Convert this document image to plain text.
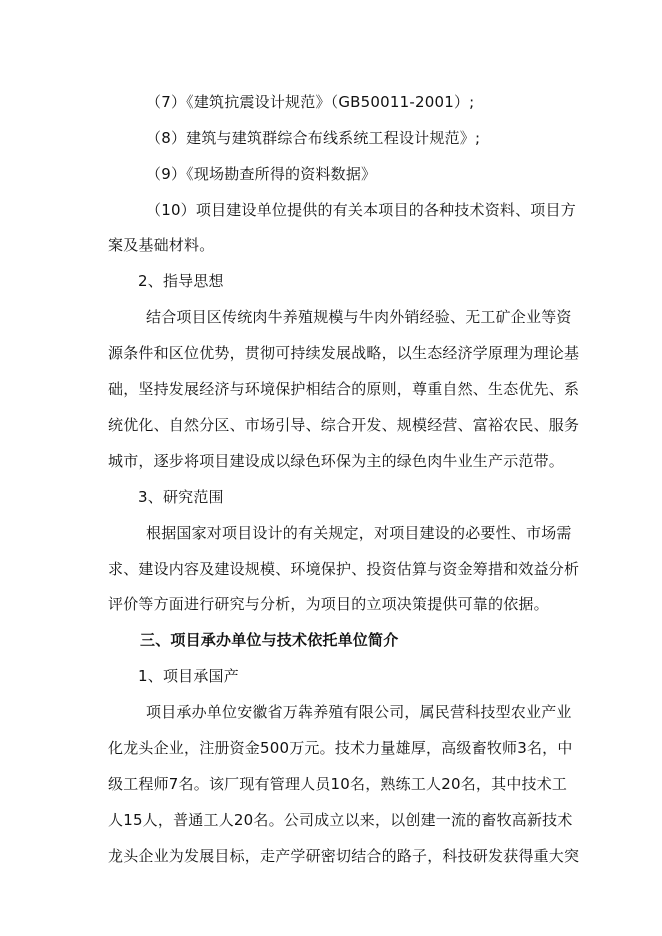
（7）《建筑抗震设计规范》（GB50011-2001）;
（8）建筑与建筑群综合布线系统工程设计规范》;
（9）《现场勘查所得的资料数据》
（10）项目建设单位提供的有关本项目的各种技术资料、项目方
案及基础材料。
2、指导思想
结合项目区传统肉牛养殖规模与牛肉外销经验、无工矿企业等资
源条件和区位优势，贯彻可持续发展战略，以生态经济学原理为理论基
础，坚持发展经济与环境保护相结合的原则，尊重自然、生态优先、系
统优化、自然分区、市场引导、综合开发、规模经营、富裕农民、服务
城市，逐步将项目建设成以绿色环保为主的绿色肉牛业生产示范带。
3、研究范围
根据国家对项目设计的有关规定，对项目建设的必要性、市场需
求、建设内容及建设规模、环境保护、投资估算与资金筹措和效益分析
评价等方面进行研究与分析，为项目的立项决策提供可靠的依据。
三、项目承办单位与技术依托单位简介
1、项目承国产
项目承办单位安徽省万犇养殖有限公司，属民营科技型农业产业
化龙头企业，注册资金500万元。技术力量雄厚，高级畜牧师3名，中
级工程师7名。该厂现有管理人员10名，熟练工人20名，其中技术工
人15人，普通工人20名。公司成立以来，以创建一流的畜牧高新技术
龙头企业为发展目标，走产学研密切结合的路子，科技研发获得重大突
